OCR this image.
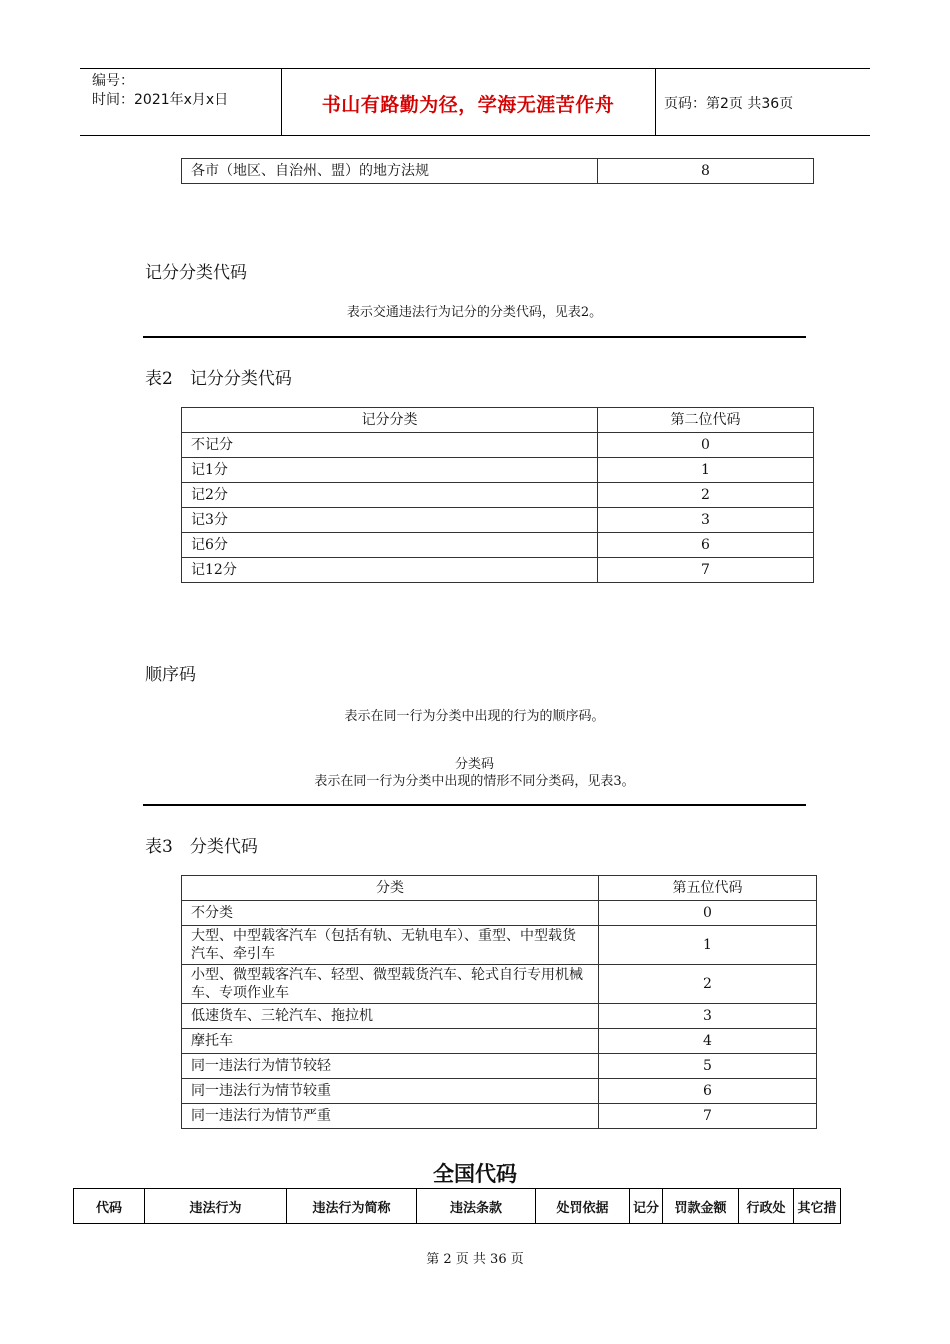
编号：
时间：2021年x月x日	书山有路勤为径，学海无涯苦作舟	页码：第2页 共36页
各市（地区、自治州、盟）的地方法规	8
记分分类代码
表示交通违法行为记分的分类代码，见表2。
表2　记分分类代码
记分分类	第二位代码
不记分	0
记1分	1
记2分	2
记3分	3
记6分	6
记12分	7
顺序码
表示在同一行为分类中出现的行为的顺序码。
分类码
表示在同一行为分类中出现的情形不同分类码，见表3。
表3　分类代码
分类	第五位代码
不分类	0
大型、中型载客汽车（包括有轨、无轨电车）、重型、中型载货汽车、牵引车	1
小型、微型载客汽车、轻型、微型载货汽车、轮式自行专用机械车、专项作业车	2
低速货车、三轮汽车、拖拉机	3
摩托车	4
同一违法行为情节较轻	5
同一违法行为情节较重	6
同一违法行为情节严重	7
全国代码
代码	违法行为	违法行为简称	违法条款	处罚依据	记分	罚款金额	行政处	其它措
第 2 页 共 36 页
